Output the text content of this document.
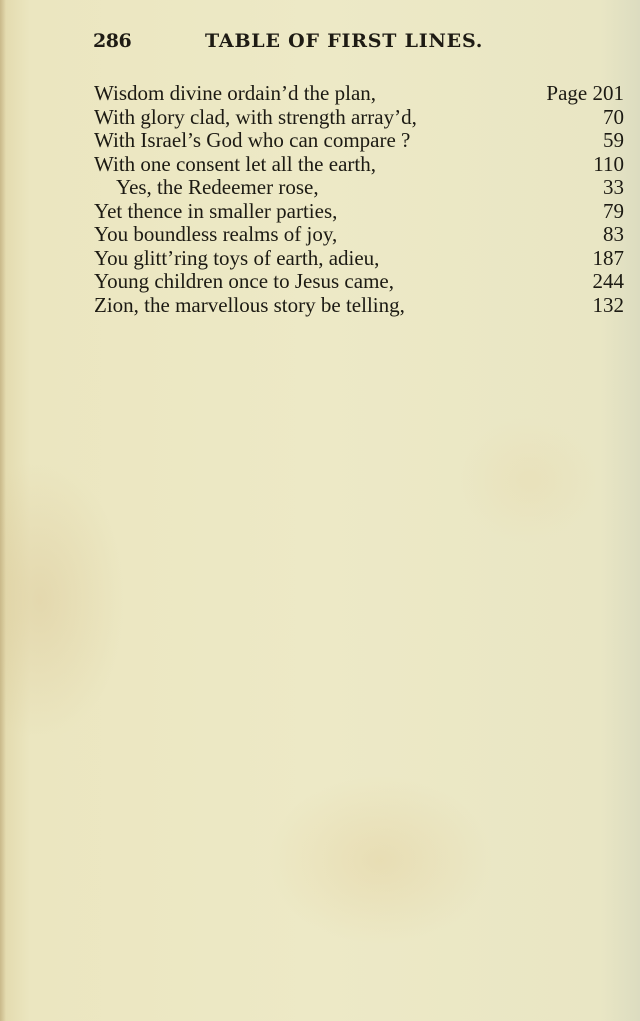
286	TABLE OF FIRST LINES.
Wisdom divine ordain’d the plan,	Page 201
With glory clad, with strength array’d,	70
With Israel’s God who can compare ?	59
With one consent let all the earth,	110
Yes, the Redeemer rose,	33
Yet thence in smaller parties,	79
You boundless realms of joy,	83
You glitt’ring toys of earth, adieu,	187
Young children once to Jesus came,	244
Zion, the marvellous story be telling,	132
